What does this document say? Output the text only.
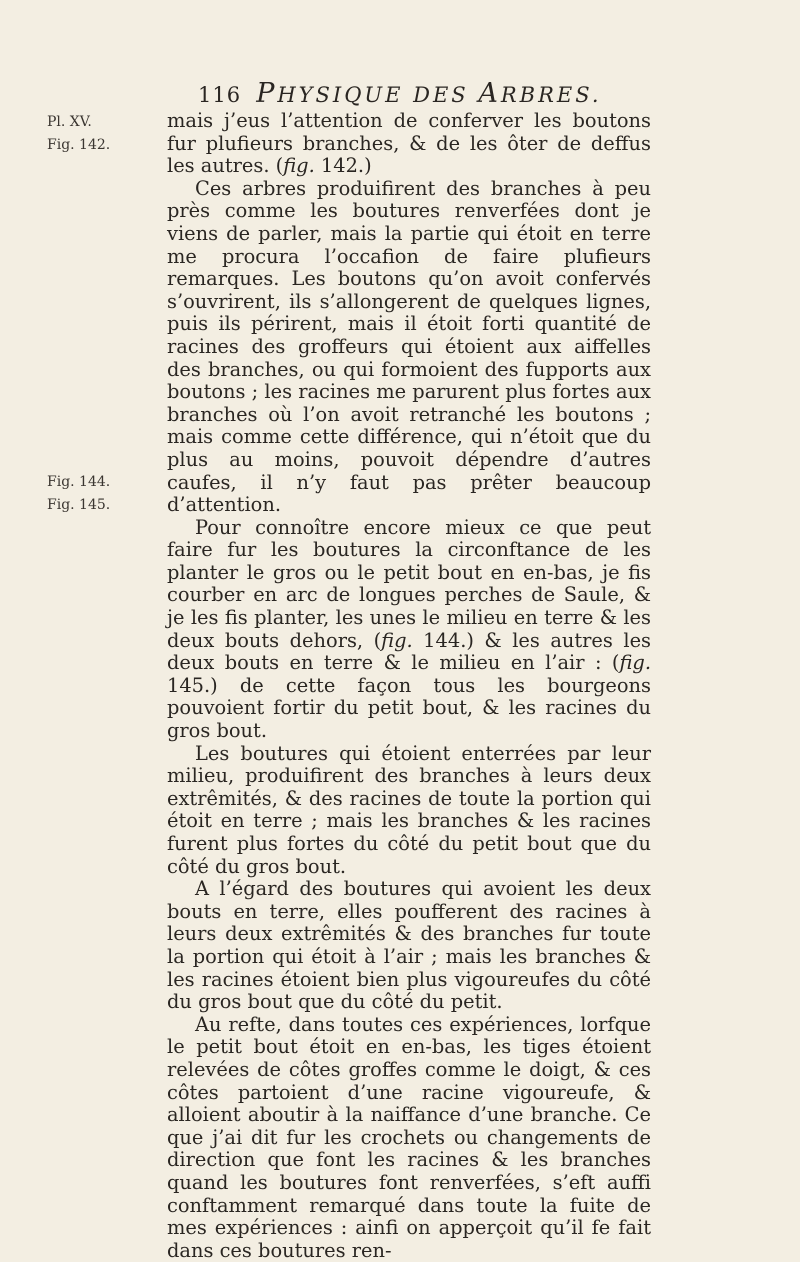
116 PHYSIQUE DES ARBRES.
Pl. XV.
Fig. 142.
Fig. 144.
Fig. 145.

mais j’eus l’attention de conferver les boutons fur plufieurs branches, & de les ôter de deffus les autres. (fig. 142.)

Ces arbres produifirent des branches à peu près comme les boutures renverfées dont je viens de parler, mais la partie qui étoit en terre me procura l’occafion de faire plufieurs remarques. Les boutons qu’on avoit confervés s’ouvrirent, ils s’allongerent de quelques lignes, puis ils périrent, mais il étoit forti quantité de racines des groffeurs qui étoient aux aiffelles des branches, ou qui formoient des fupports aux boutons ; les racines me parurent plus fortes aux branches où l’on avoit retranché les boutons ; mais comme cette différence, qui n’étoit que du plus au moins, pouvoit dépendre d’autres caufes, il n’y faut pas prêter beaucoup d’attention.

Pour connoître encore mieux ce que peut faire fur les boutures la circonftance de les planter le gros ou le petit bout en en-bas, je fis courber en arc de longues perches de Saule, & je les fis planter, les unes le milieu en terre & les deux bouts dehors, (fig. 144.) & les autres les deux bouts en terre & le milieu en l’air : (fig. 145.) de cette façon tous les bourgeons pouvoient fortir du petit bout, & les racines du gros bout.

Les boutures qui étoient enterrées par leur milieu, produifirent des branches à leurs deux extrêmités, & des racines de toute la portion qui étoit en terre ; mais les branches & les racines furent plus fortes du côté du petit bout que du côté du gros bout.

A l’égard des boutures qui avoient les deux bouts en terre, elles poufferent des racines à leurs deux extrêmités & des branches fur toute la portion qui étoit à l’air ; mais les branches & les racines étoient bien plus vigoureufes du côté du gros bout que du côté du petit.

Au refte, dans toutes ces expériences, lorfque le petit bout étoit en en-bas, les tiges étoient relevées de côtes groffes comme le doigt, & ces côtes partoient d’une racine vigoureufe, & alloient aboutir à la naiffance d’une branche. Ce que j’ai dit fur les crochets ou changements de direction que font les racines & les branches quand les boutures font renverfées, s’eft auffi conftamment remarqué dans toute la fuite de mes expériences : ainfi on apperçoit qu’il fe fait dans ces boutures ren-
